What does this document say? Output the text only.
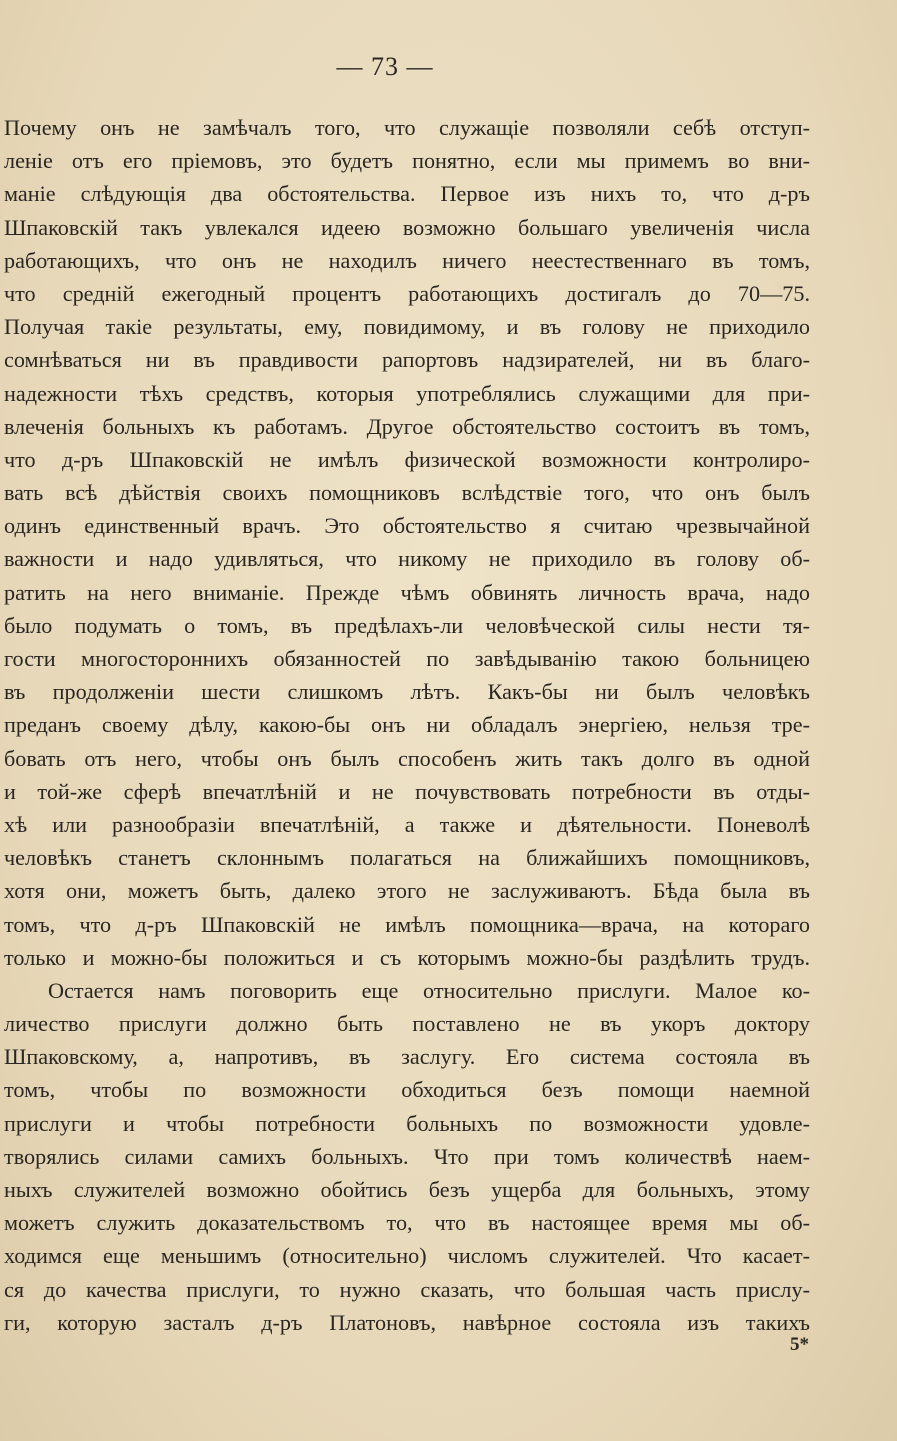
— 73 —
Почему онъ не замѣчалъ того, что служащіе позволяли себѣ отступ-
леніе отъ его пріемовъ, это будетъ понятно, если мы примемъ во вни-
маніе слѣдующія два обстоятельства. Первое изъ нихъ то, что д-ръ
Шпаковскій такъ увлекался идеею возможно большаго увеличенія числа
работающихъ, что онъ не находилъ ничего неестественнаго въ томъ,
что средній ежегодный процентъ работающихъ достигалъ до 70—75.
Получая такіе результаты, ему, повидимому, и въ голову не приходило
сомнѣваться ни въ правдивости рапортовъ надзирателей, ни въ благо-
надежности тѣхъ средствъ, которыя употреблялись служащими для при-
влеченія больныхъ къ работамъ. Другое обстоятельство состоитъ въ томъ,
что д-ръ Шпаковскій не имѣлъ физической возможности контролиро-
вать всѣ дѣйствія своихъ помощниковъ вслѣдствіе того, что онъ былъ
одинъ единственный врачъ. Это обстоятельство я считаю чрезвычайной
важности и надо удивляться, что никому не приходило въ голову об-
ратить на него вниманіе. Прежде чѣмъ обвинять личность врача, надо
было подумать о томъ, въ предѣлахъ-ли человѣческой силы нести тя-
гости многостороннихъ обязанностей по завѣдыванію такою больницею
въ продолженіи шести слишкомъ лѣтъ. Какъ-бы ни былъ человѣкъ
преданъ своему дѣлу, какою-бы онъ ни обладалъ энергіею, нельзя тре-
бовать отъ него, чтобы онъ былъ способенъ жить такъ долго въ одной
и той-же сферѣ впечатлѣній и не почувствовать потребности въ отды-
хѣ или разнообразіи впечатлѣній, а также и дѣятельности. Поневолѣ
человѣкъ станетъ склоннымъ полагаться на ближайшихъ помощниковъ,
хотя они, можетъ быть, далеко этого не заслуживаютъ. Бѣда была въ
томъ, что д-ръ Шпаковскій не имѣлъ помощника—врача, на котораго
только и можно-бы положиться и съ которымъ можно-бы раздѣлить трудъ.
Остается намъ поговорить еще относительно прислуги. Малое ко-
личество прислуги должно быть поставлено не въ укоръ доктору
Шпаковскому, а, напротивъ, въ заслугу. Его система состояла въ
томъ, чтобы по возможности обходиться безъ помощи наемной
прислуги и чтобы потребности больныхъ по возможности удовле-
творялись силами самихъ больныхъ. Что при томъ количествѣ наем-
ныхъ служителей возможно обойтись безъ ущерба для больныхъ, этому
можетъ служить доказательствомъ то, что въ настоящее время мы об-
ходимся еще меньшимъ (относительно) числомъ служителей. Что касает-
ся до качества прислуги, то нужно сказать, что большая часть прислу-
ги, которую засталъ д-ръ Платоновъ, навѣрное состояла изъ такихъ
5*
